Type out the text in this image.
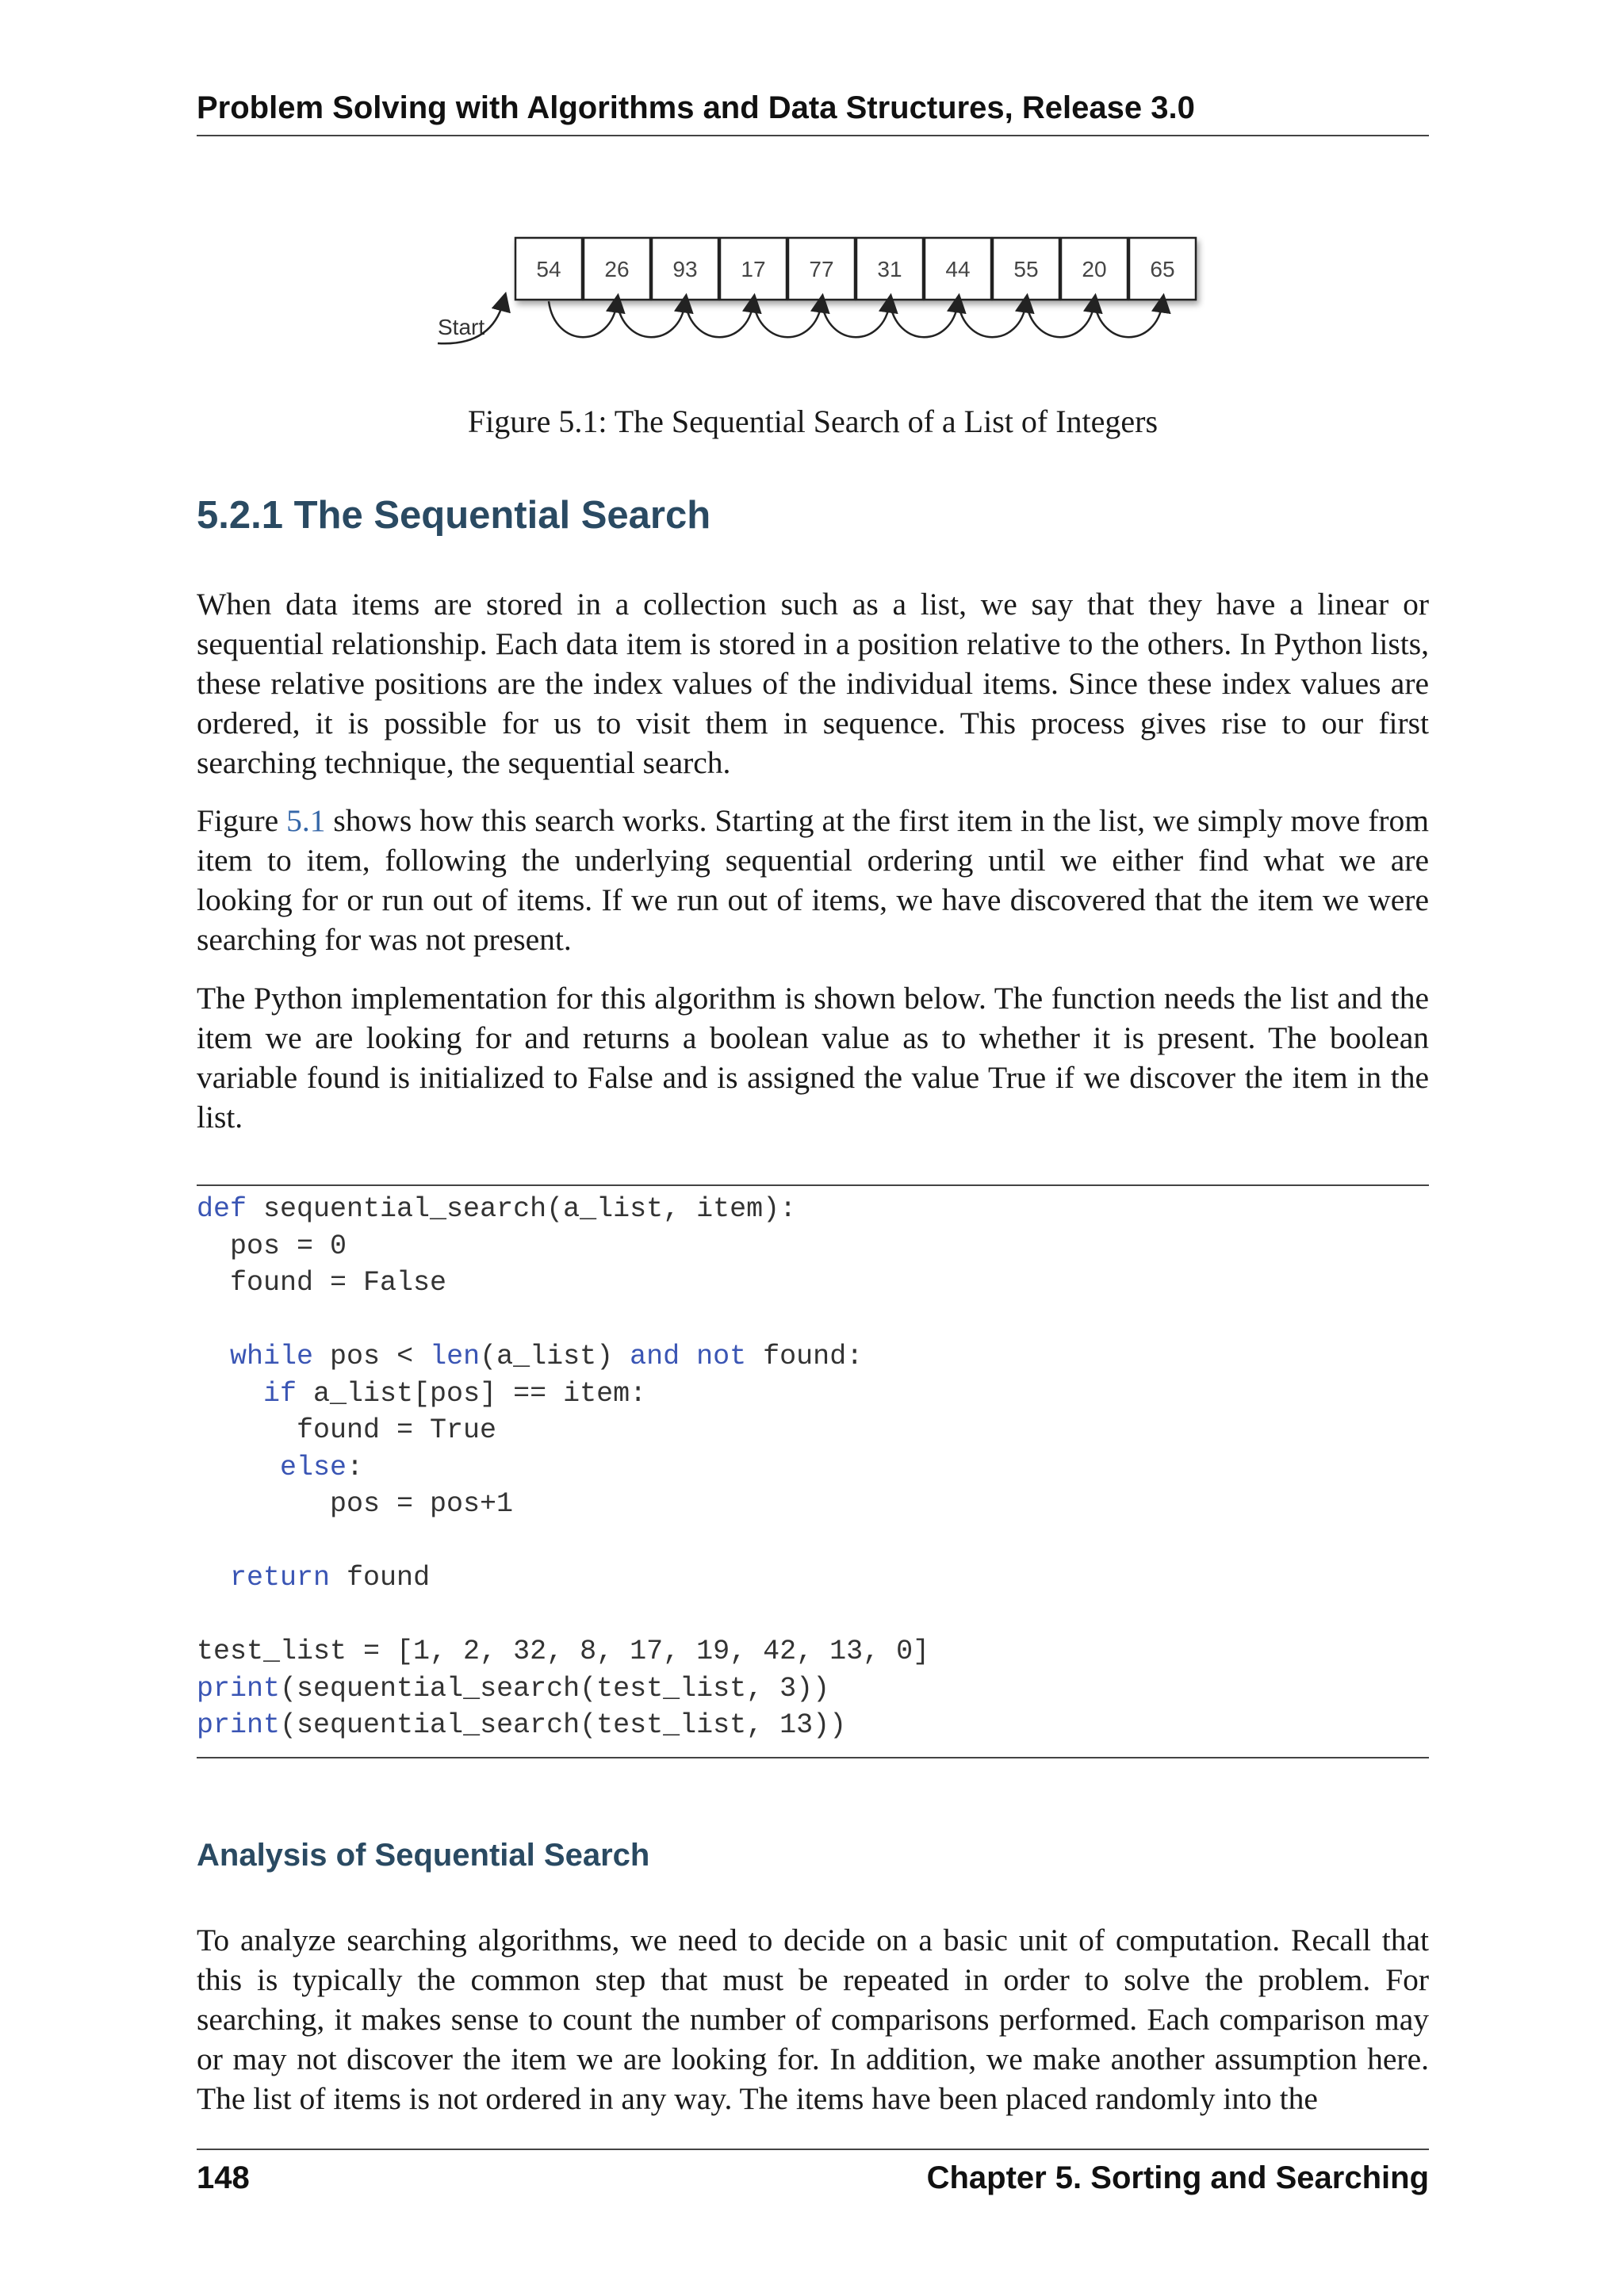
Problem Solving with Algorithms and Data Structures, Release 3.0
54 26 93 17 77 31 44 55 20 65
Start
Figure 5.1: The Sequential Search of a List of Integers
5.2.1 The Sequential Search

When data items are stored in a collection such as a list, we say that they have a linear or sequential relationship. Each data item is stored in a position relative to the others. In Python lists, these relative positions are the index values of the individual items. Since these index values are ordered, it is possible for us to visit them in sequence. This process gives rise to our first searching technique, the sequential search.

Figure 5.1 shows how this search works. Starting at the first item in the list, we simply move from item to item, following the underlying sequential ordering until we either find what we are looking for or run out of items. If we run out of items, we have discovered that the item we were searching for was not present.

The Python implementation for this algorithm is shown below. The function needs the list and the item we are looking for and returns a boolean value as to whether it is present. The boolean variable found is initialized to False and is assigned the value True if we discover the item in the list.

def sequential_search(a_list, item):
pos = 0
found = False

while pos < len(a_list) and not found:
if a_list[pos] == item:
found = True
else:
pos = pos+1

return found

test_list = [1, 2, 32, 8, 17, 19, 42, 13, 0]
print(sequential_search(test_list, 3))
print(sequential_search(test_list, 13))
Analysis of Sequential Search

To analyze searching algorithms, we need to decide on a basic unit of computation. Recall that this is typically the common step that must be repeated in order to solve the problem. For searching, it makes sense to count the number of comparisons performed. Each comparison may or may not discover the item we are looking for. In addition, we make another assumption here. The list of items is not ordered in any way. The items have been placed randomly into the

148	Chapter 5. Sorting and Searching
